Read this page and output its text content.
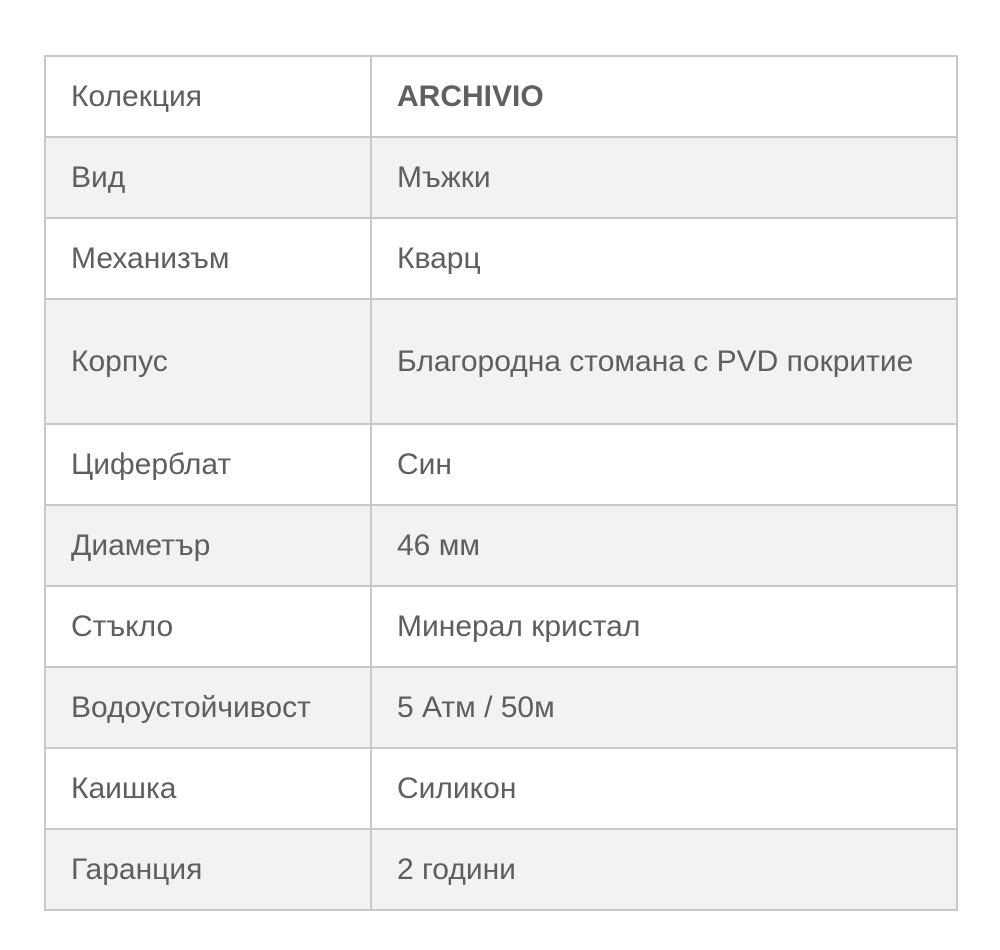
Колекция	ARCHIVIO
Вид	Мъжки
Механизъм	Кварц
Корпус	Благородна стомана с PVD покритие
Циферблат	Син
Диаметър	46 мм
Стъкло	Минерал кристал
Водоустойчивост	5 Атм / 50м
Каишка	Силикон
Гаранция	2 години
